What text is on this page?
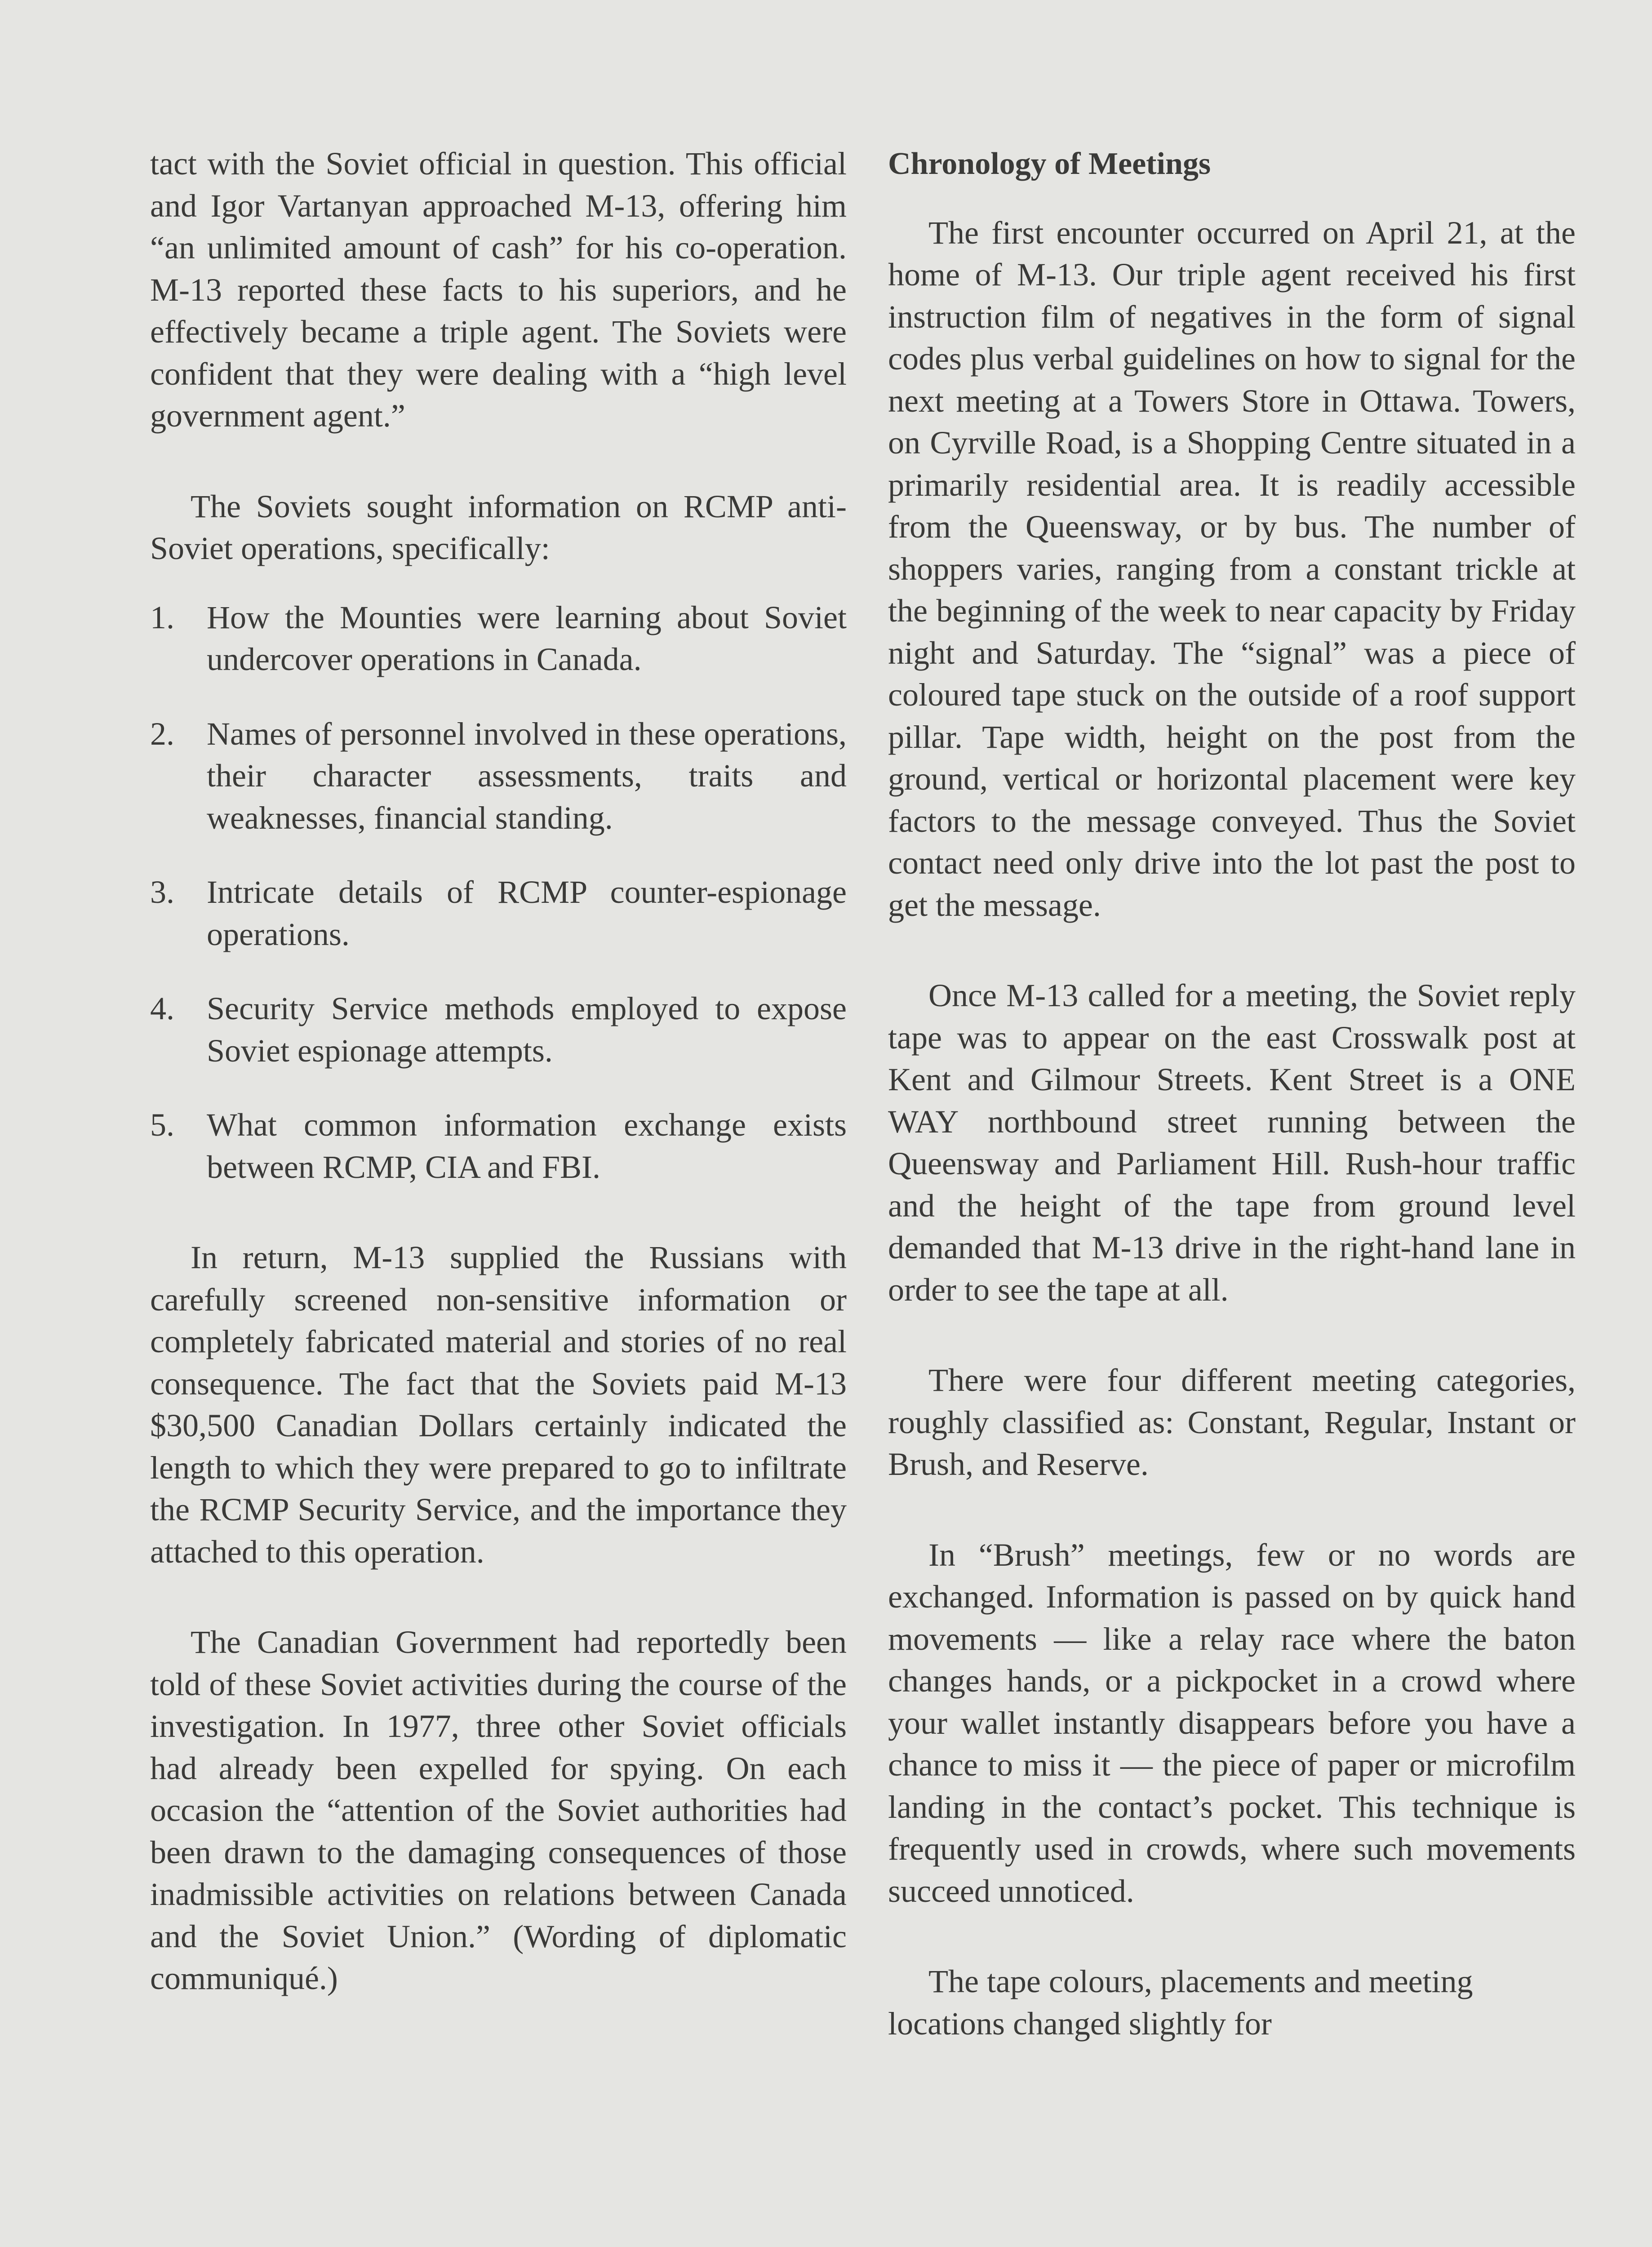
tact with the Soviet official in question. This official and Igor Vartanyan approached M-13, offering him “an unlimited amount of cash” for his co-operation. M-13 reported these facts to his superiors, and he effectively became a triple agent. The Soviets were confident that they were dealing with a “high level government agent.”

The Soviets sought information on RCMP anti-Soviet operations, specifically:

1.	How the Mounties were learning about Soviet undercover operations in Canada.
2.	Names of personnel involved in these operations, their character assessments, traits and weaknesses, financial standing.
3.	Intricate details of RCMP counter-espionage operations.
4.	Security Service methods employed to expose Soviet espionage attempts.
5.	What common information exchange exists between RCMP, CIA and FBI.

In return, M-13 supplied the Russians with carefully screened non-sensitive information or completely fabricated material and stories of no real consequence. The fact that the Soviets paid M-13 $30,500 Canadian Dollars certainly indicated the length to which they were prepared to go to infiltrate the RCMP Security Service, and the importance they attached to this operation.

The Canadian Government had reportedly been told of these Soviet activities during the course of the investigation. In 1977, three other Soviet officials had already been expelled for spying. On each occasion the “attention of the Soviet authorities had been drawn to the damaging consequences of those inadmissible activities on relations between Canada and the Soviet Union.” (Wording of diplomatic communiqué.)

Chronology of Meetings

The first encounter occurred on April 21, at the home of M-13. Our triple agent received his first instruction film of negatives in the form of signal codes plus verbal guidelines on how to signal for the next meeting at a Towers Store in Ottawa. Towers, on Cyrville Road, is a Shopping Centre situated in a primarily residential area. It is readily accessible from the Queensway, or by bus. The number of shoppers varies, ranging from a constant trickle at the beginning of the week to near capacity by Friday night and Saturday. The “signal” was a piece of coloured tape stuck on the outside of a roof support pillar. Tape width, height on the post from the ground, vertical or horizontal placement were key factors to the message conveyed. Thus the Soviet contact need only drive into the lot past the post to get the message.

Once M-13 called for a meeting, the Soviet reply tape was to appear on the east Crosswalk post at Kent and Gilmour Streets. Kent Street is a ONE WAY northbound street running between the Queensway and Parliament Hill. Rush-hour traffic and the height of the tape from ground level demanded that M-13 drive in the right-hand lane in order to see the tape at all.

There were four different meeting categories, roughly classified as: Constant, Regular, Instant or Brush, and Reserve.

In “Brush” meetings, few or no words are exchanged. Information is passed on by quick hand movements — like a relay race where the baton changes hands, or a pickpocket in a crowd where your wallet instantly disappears before you have a chance to miss it — the piece of paper or microfilm landing in the contact’s pocket. This technique is frequently used in crowds, where such movements succeed unnoticed.

The tape colours, placements and meeting locations changed slightly for
